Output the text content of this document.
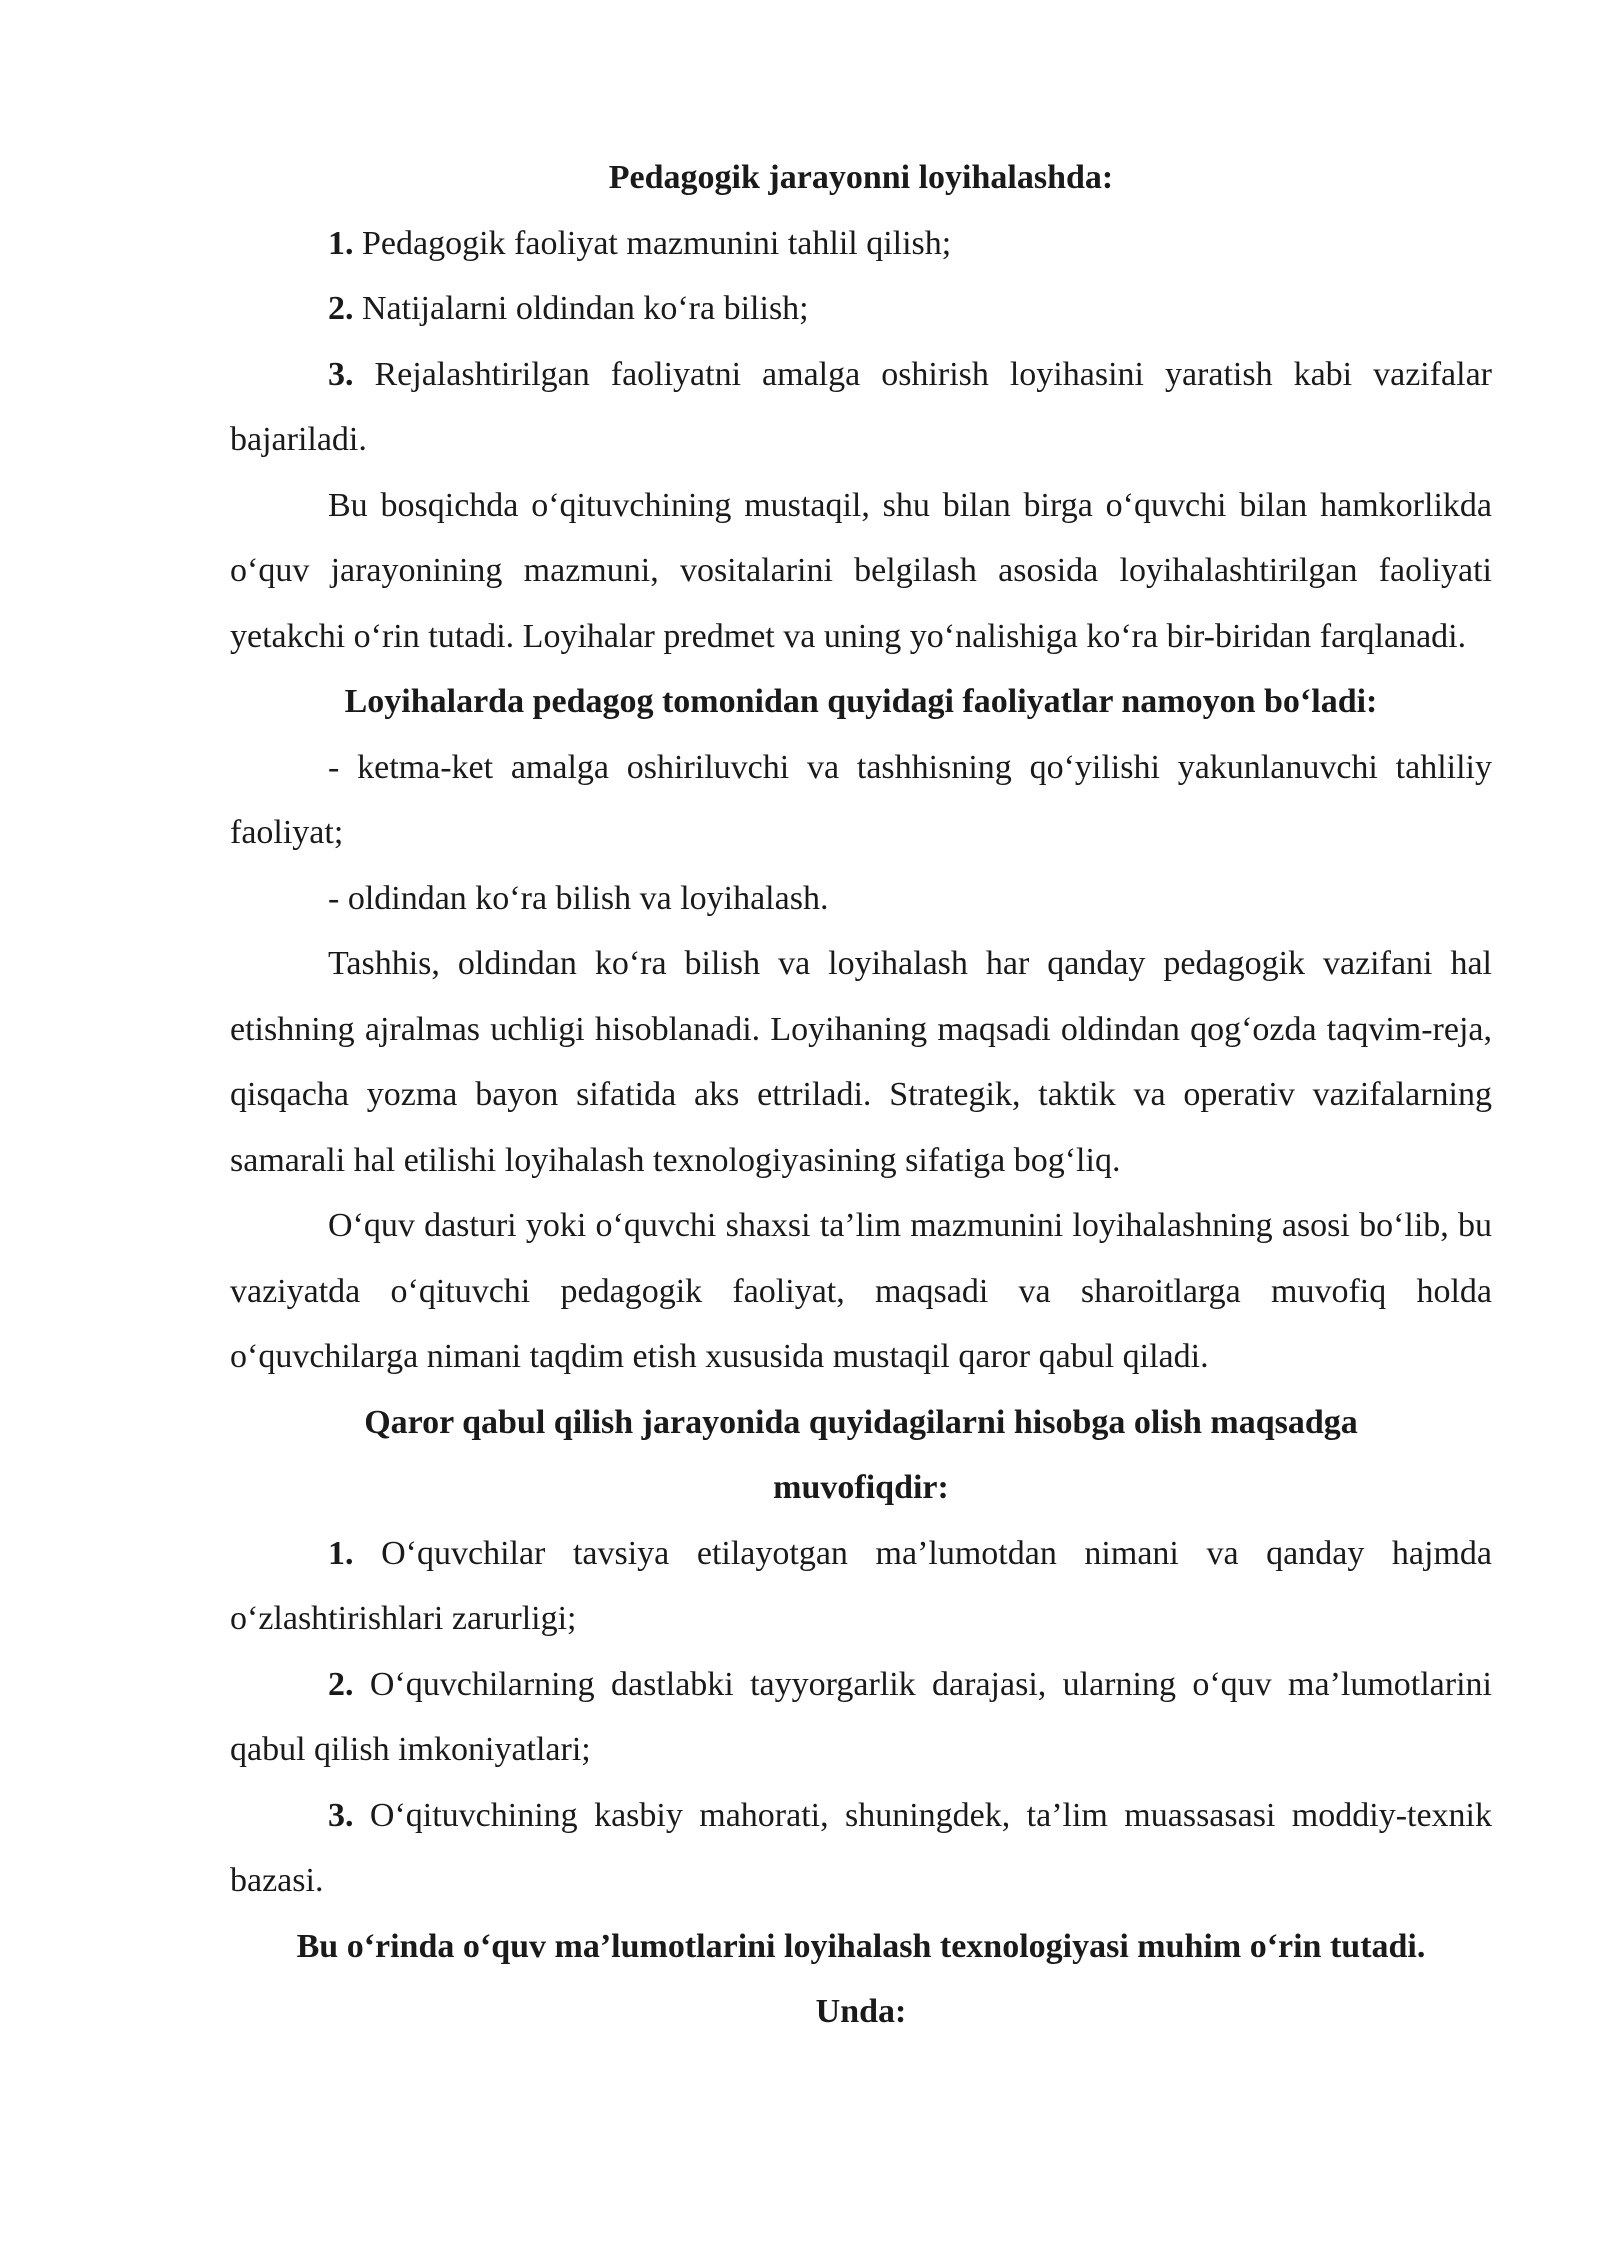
Pedagogik jarayonni loyihalashda:

1. Pedagogik faoliyat mazmunini tahlil qilish;

2. Natijalarni oldindan ko‘ra bilish;

3. Rejalashtirilgan faoliyatni amalga oshirish loyihasini yaratish kabi vazifalar bajariladi.

Bu bosqichda o‘qituvchining mustaqil, shu bilan birga o‘quvchi bilan hamkorlikda o‘quv jarayonining mazmuni, vositalarini belgilash asosida loyihalashtirilgan faoliyati yetakchi o‘rin tutadi. Loyihalar predmet va uning yo‘nalishiga ko‘ra bir-biridan farqlanadi.

Loyihalarda pedagog tomonidan quyidagi faoliyatlar namoyon bo‘ladi:

- ketma-ket amalga oshiriluvchi va tashhisning qo‘yilishi yakunlanuvchi tahliliy faoliyat;

- oldindan ko‘ra bilish va loyihalash.

Tashhis, oldindan ko‘ra bilish va loyihalash har qanday pedagogik vazifani hal etishning ajralmas uchligi hisoblanadi. Loyihaning maqsadi oldindan qog‘ozda taqvim-reja, qisqacha yozma bayon sifatida aks ettriladi. Strategik, taktik va operativ vazifalarning samarali hal etilishi loyihalash texnologiyasining sifatiga bog‘liq.

O‘quv dasturi yoki o‘quvchi shaxsi ta’lim mazmunini loyihalashning asosi bo‘lib, bu vaziyatda o‘qituvchi pedagogik faoliyat, maqsadi va sharoitlarga muvofiq holda o‘quvchilarga nimani taqdim etish xususida mustaqil qaror qabul qiladi.

Qaror qabul qilish jarayonida quyidagilarni hisobga olish maqsadga muvofiqdir:

1. O‘quvchilar tavsiya etilayotgan ma’lumotdan nimani va qanday hajmda o‘zlashtirishlari zarurligi;

2. O‘quvchilarning dastlabki tayyorgarlik darajasi, ularning o‘quv ma’lumotlarini qabul qilish imkoniyatlari;

3. O‘qituvchining kasbiy mahorati, shuningdek, ta’lim muassasasi moddiy-texnik bazasi.

Bu o‘rinda o‘quv ma’lumotlarini loyihalash texnologiyasi muhim o‘rin tutadi.

Unda:
